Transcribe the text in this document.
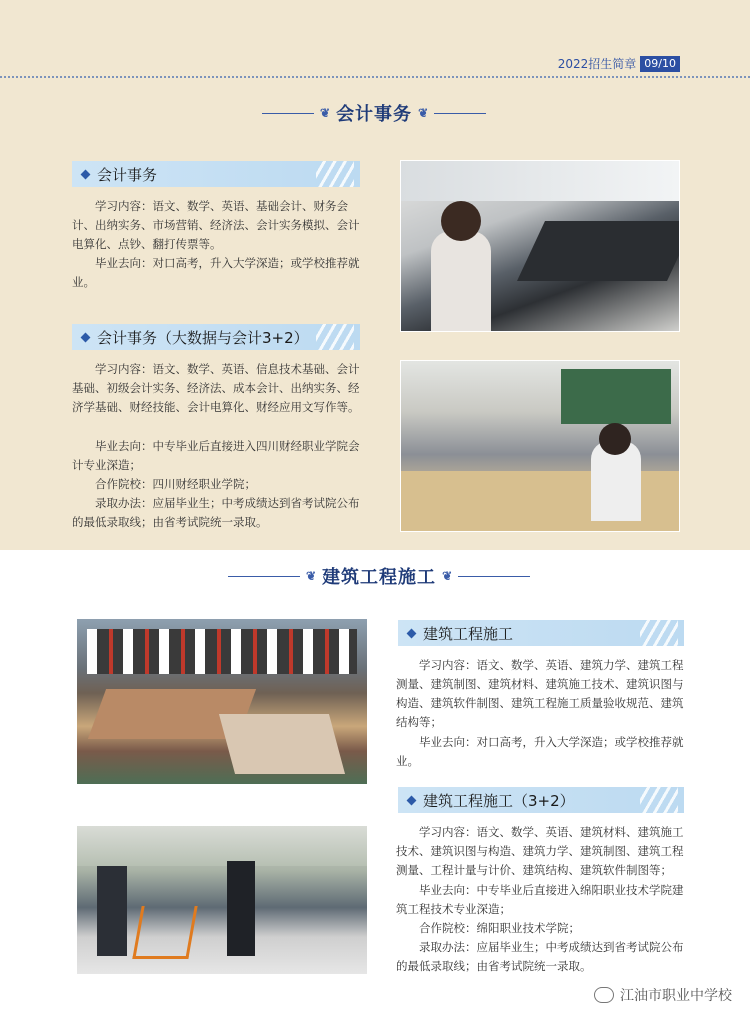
2022招生简章 09/10
❦ 会计事务 ❦
会计事务

学习内容：语文、数学、英语、基础会计、财务会计、出纳实务、市场营销、经济法、会计实务模拟、会计电算化、点钞、翻打传票等。

毕业去向：对口高考，升入大学深造；或学校推荐就业。

会计事务（大数据与会计3+2）

学习内容：语文、数学、英语、信息技术基础、会计基础、初级会计实务、经济法、成本会计、出纳实务、经济学基础、财经技能、会计电算化、财经应用文写作等。

毕业去向：中专毕业后直接进入四川财经职业学院会计专业深造；

合作院校：四川财经职业学院；

录取办法：应届毕业生；中考成绩达到省考试院公布的最低录取线；由省考试院统一录取。

❦ 建筑工程施工 ❦
建筑工程施工

学习内容：语文、数学、英语、建筑力学、建筑工程测量、建筑制图、建筑材料、建筑施工技术、建筑识图与构造、建筑软件制图、建筑工程施工质量验收规范、建筑结构等；

毕业去向：对口高考，升入大学深造；或学校推荐就业。

建筑工程施工（3+2）

学习内容：语文、数学、英语、建筑材料、建筑施工技术、建筑识图与构造、建筑力学、建筑制图、建筑工程测量、工程计量与计价、建筑结构、建筑软件制图等；

毕业去向：中专毕业后直接进入绵阳职业技术学院建筑工程技术专业深造；

合作院校：绵阳职业技术学院；

录取办法：应届毕业生；中考成绩达到省考试院公布的最低录取线；由省考试院统一录取。

江油市职业中学校
